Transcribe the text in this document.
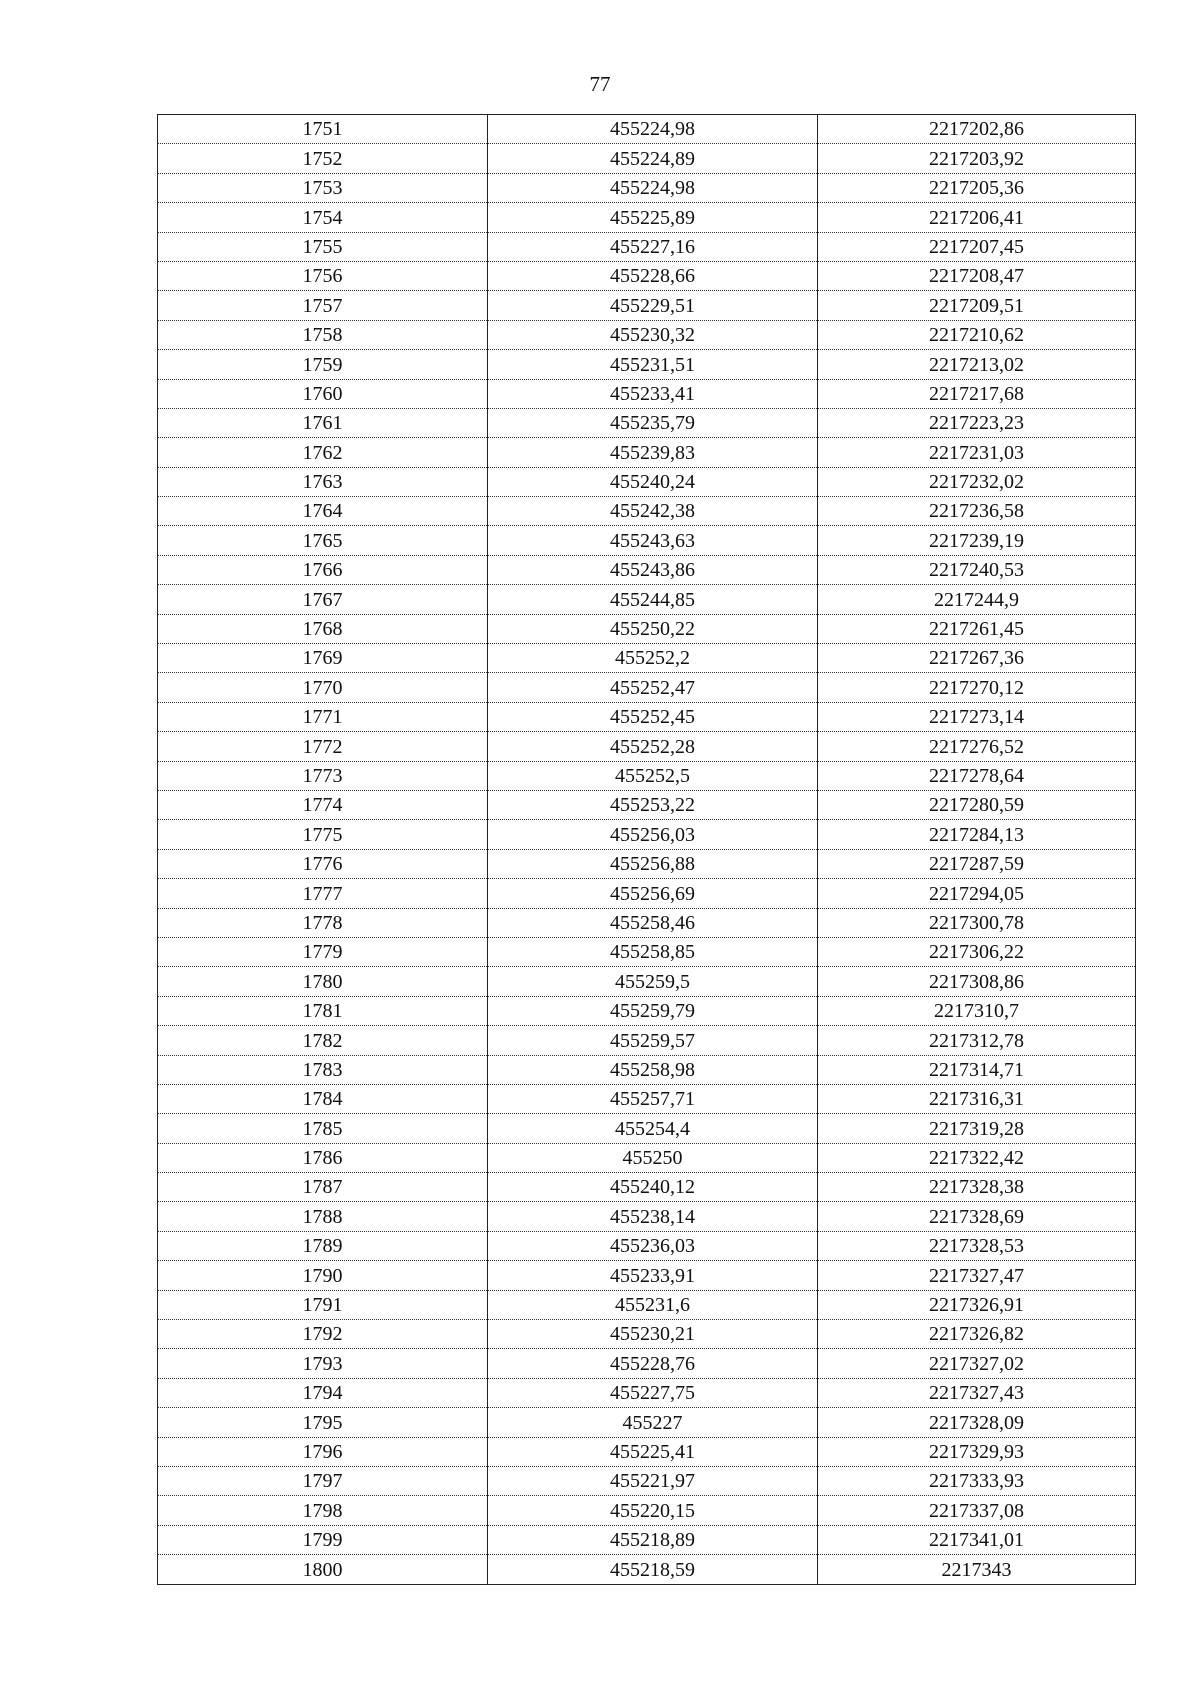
77
1751	455224,98	2217202,86
1752	455224,89	2217203,92
1753	455224,98	2217205,36
1754	455225,89	2217206,41
1755	455227,16	2217207,45
1756	455228,66	2217208,47
1757	455229,51	2217209,51
1758	455230,32	2217210,62
1759	455231,51	2217213,02
1760	455233,41	2217217,68
1761	455235,79	2217223,23
1762	455239,83	2217231,03
1763	455240,24	2217232,02
1764	455242,38	2217236,58
1765	455243,63	2217239,19
1766	455243,86	2217240,53
1767	455244,85	2217244,9
1768	455250,22	2217261,45
1769	455252,2	2217267,36
1770	455252,47	2217270,12
1771	455252,45	2217273,14
1772	455252,28	2217276,52
1773	455252,5	2217278,64
1774	455253,22	2217280,59
1775	455256,03	2217284,13
1776	455256,88	2217287,59
1777	455256,69	2217294,05
1778	455258,46	2217300,78
1779	455258,85	2217306,22
1780	455259,5	2217308,86
1781	455259,79	2217310,7
1782	455259,57	2217312,78
1783	455258,98	2217314,71
1784	455257,71	2217316,31
1785	455254,4	2217319,28
1786	455250	2217322,42
1787	455240,12	2217328,38
1788	455238,14	2217328,69
1789	455236,03	2217328,53
1790	455233,91	2217327,47
1791	455231,6	2217326,91
1792	455230,21	2217326,82
1793	455228,76	2217327,02
1794	455227,75	2217327,43
1795	455227	2217328,09
1796	455225,41	2217329,93
1797	455221,97	2217333,93
1798	455220,15	2217337,08
1799	455218,89	2217341,01
1800	455218,59	2217343
